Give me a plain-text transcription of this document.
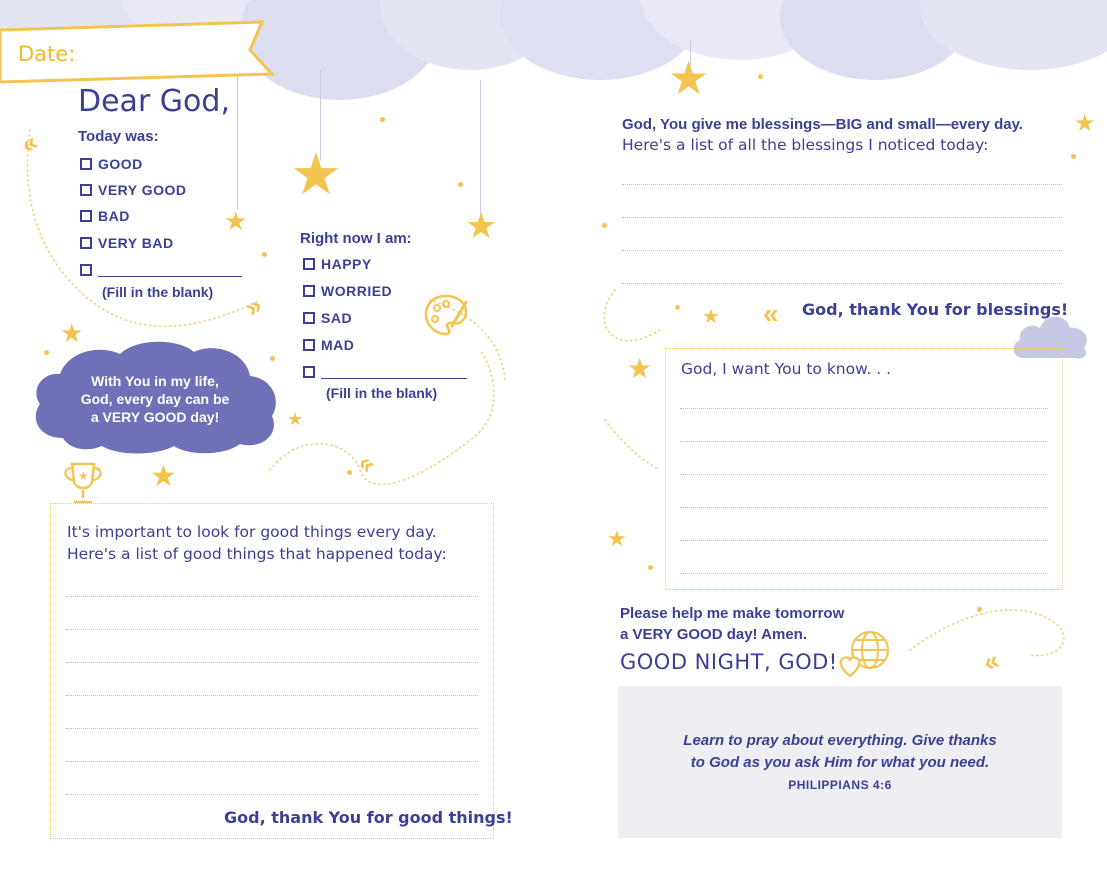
★
★	★
★
★
★
★
★
★
★
★
«
«
«
«
«
Date:
Dear God,
Today was:
GOOD
VERY GOOD
BAD
VERY BAD
(Fill in the blank)
Right now I am:
HAPPY
WORRIED
SAD
MAD
(Fill in the blank)
With You in my life,
God, every day can be
a VERY GOOD day!
★
It's important to look for good things every day.
Here's a list of good things that happened today:
God, thank You for good things!
God, You give me blessings—BIG and small—every day.
Here's a list of all the blessings I noticed today:
God, thank You for blessings!
God, I want You to know. . .
Please help me make tomorrow
a VERY GOOD day! Amen.
GOOD NIGHT, GOD!
Learn to pray about everything. Give thanks
to God as you ask Him for what you need.
PHILIPPIANS 4:6
